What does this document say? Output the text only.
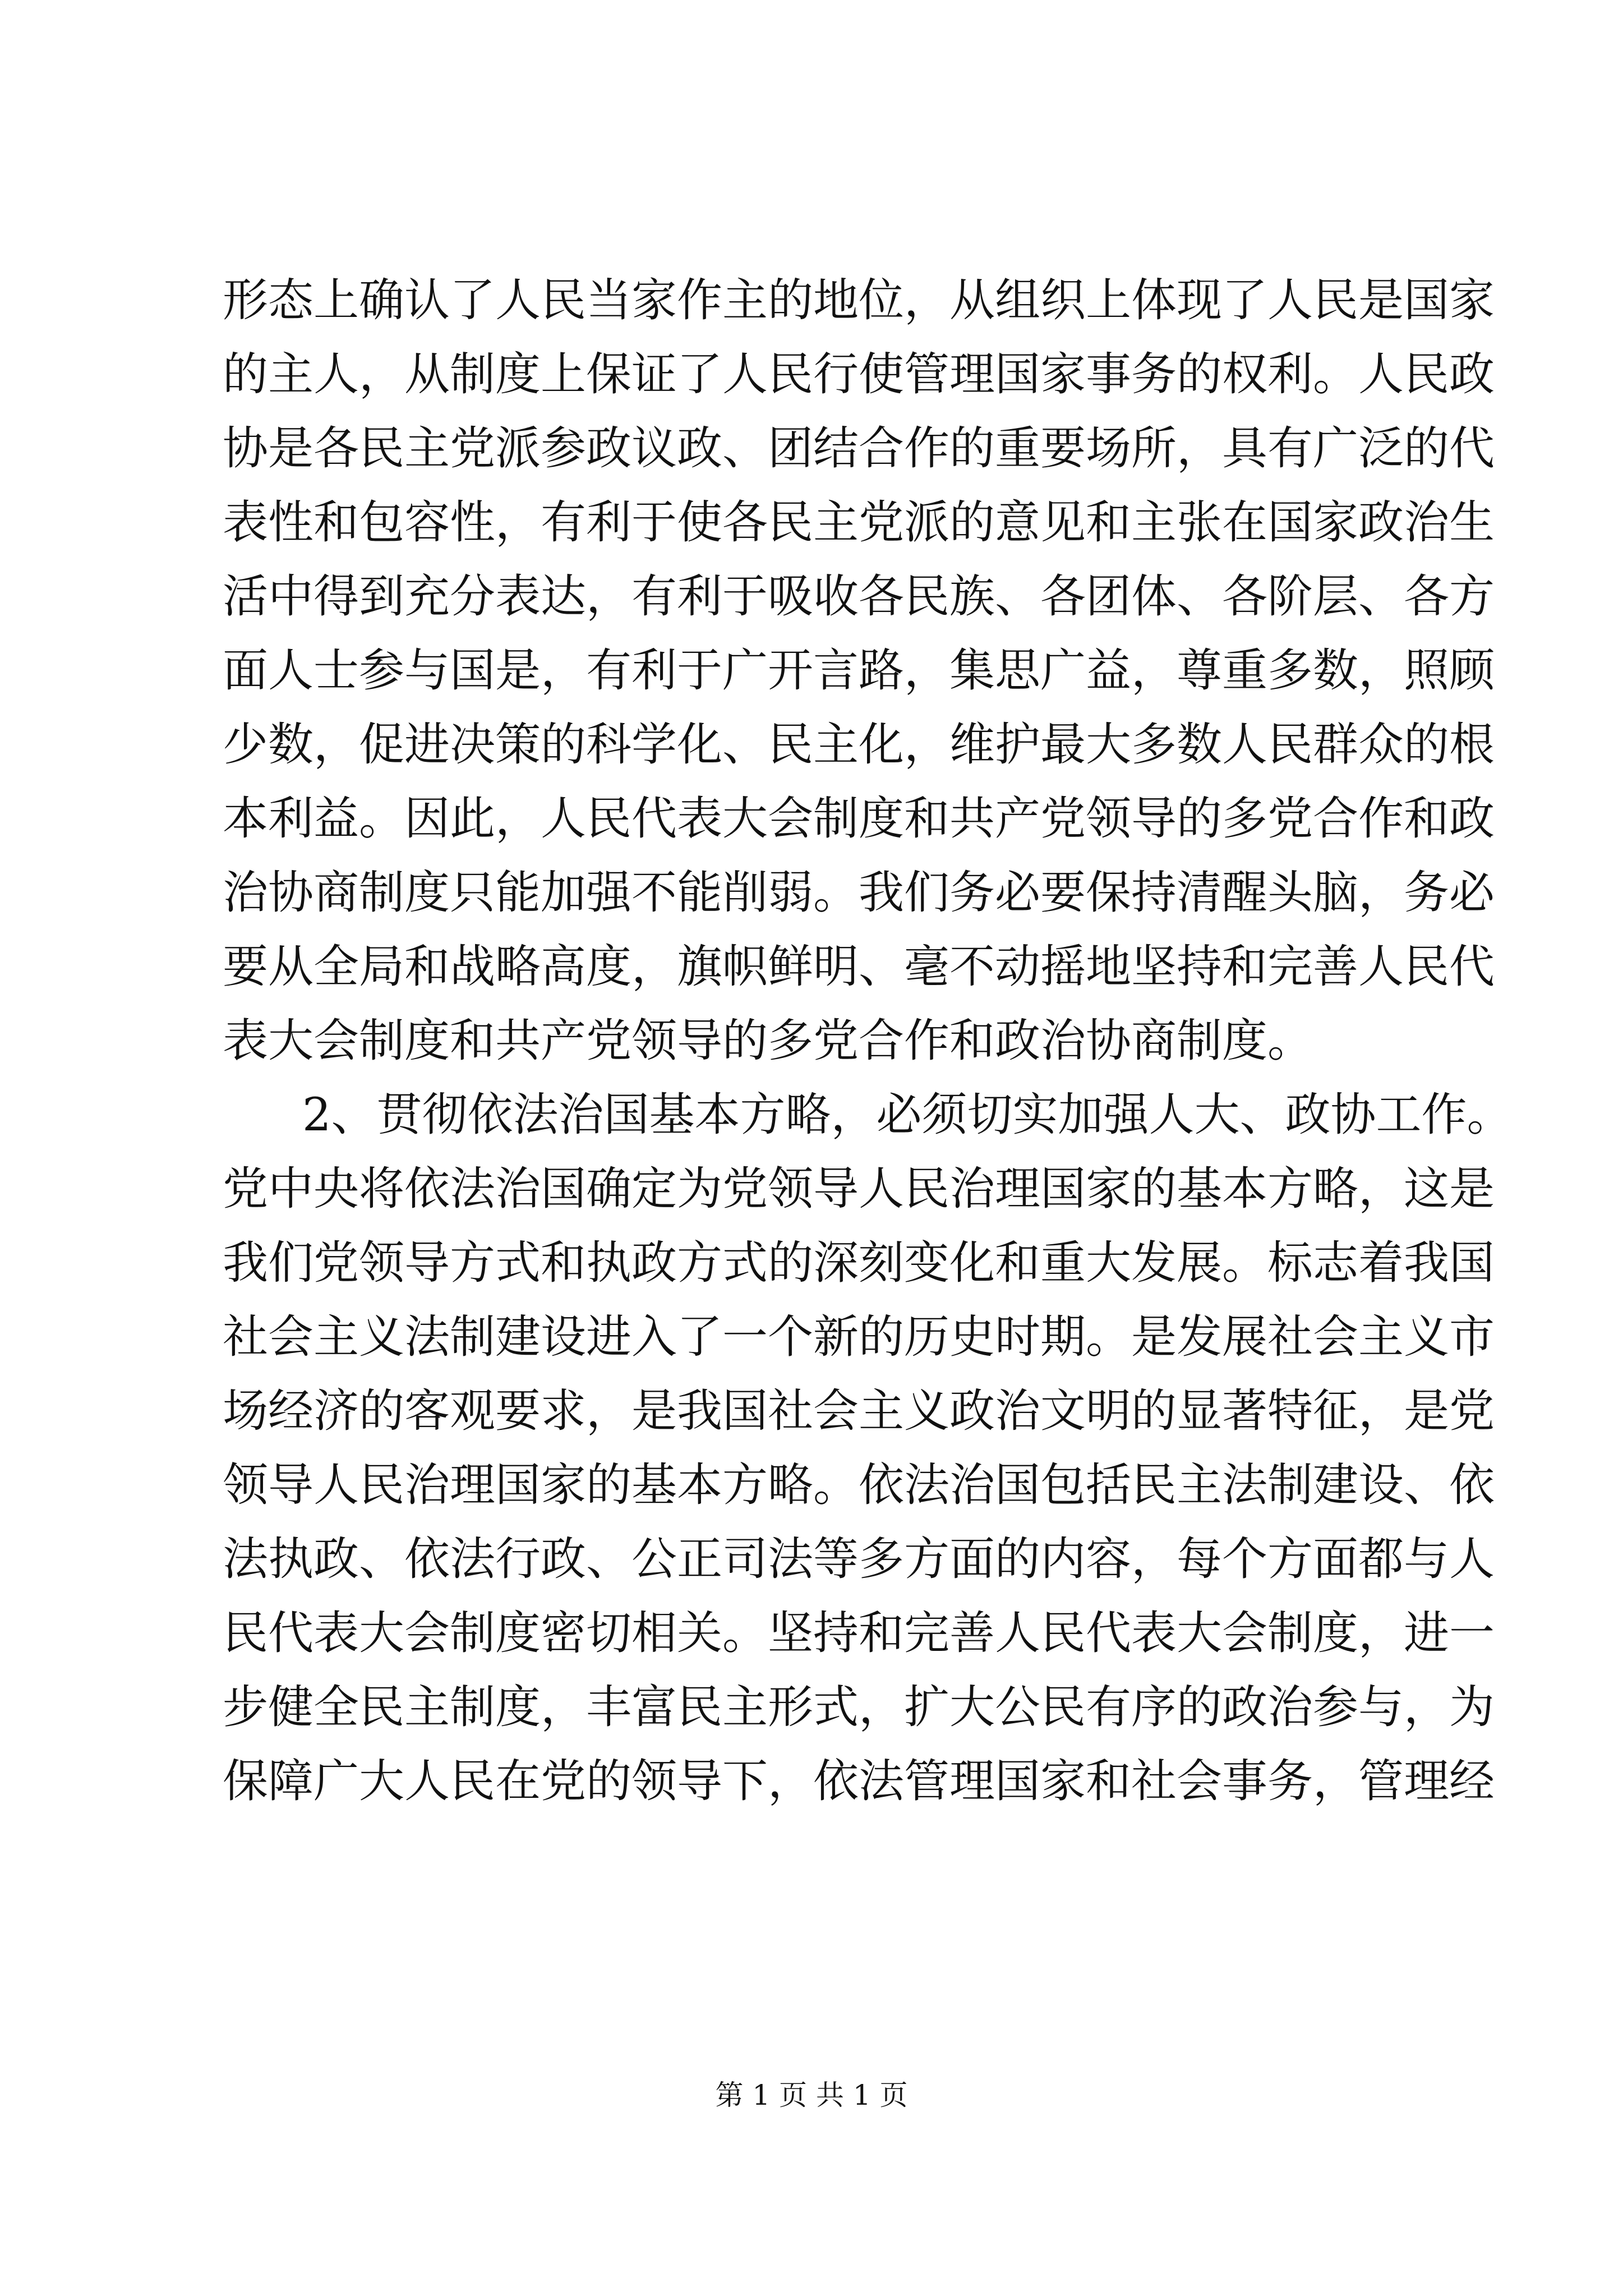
形态上确认了人民当家作主的地位，从组织上体现了人民是国家
的主人，从制度上保证了人民行使管理国家事务的权利。人民政
协是各民主党派参政议政、团结合作的重要场所，具有广泛的代
表性和包容性，有利于使各民主党派的意见和主张在国家政治生
活中得到充分表达，有利于吸收各民族、各团体、各阶层、各方
面人士参与国是，有利于广开言路，集思广益，尊重多数，照顾
少数，促进决策的科学化、民主化，维护最大多数人民群众的根
本利益。因此，人民代表大会制度和共产党领导的多党合作和政
治协商制度只能加强不能削弱。我们务必要保持清醒头脑，务必
要从全局和战略高度，旗帜鲜明、毫不动摇地坚持和完善人民代
表大会制度和共产党领导的多党合作和政治协商制度。
2、贯彻依法治国基本方略，必须切实加强人大、政协工作。
党中央将依法治国确定为党领导人民治理国家的基本方略，这是
我们党领导方式和执政方式的深刻变化和重大发展。标志着我国
社会主义法制建设进入了一个新的历史时期。是发展社会主义市
场经济的客观要求，是我国社会主义政治文明的显著特征，是党
领导人民治理国家的基本方略。依法治国包括民主法制建设、依
法执政、依法行政、公正司法等多方面的内容，每个方面都与人
民代表大会制度密切相关。坚持和完善人民代表大会制度，进一
步健全民主制度，丰富民主形式，扩大公民有序的政治参与，为
保障广大人民在党的领导下，依法管理国家和社会事务，管理经
第 1 页 共 1 页
